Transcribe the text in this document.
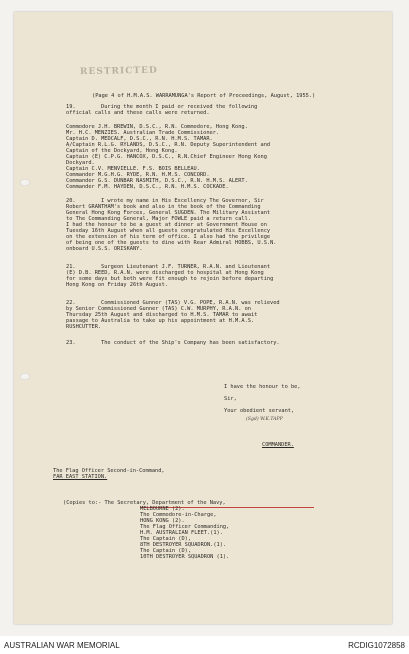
RESTRICTED
(Page 4 of H.M.A.S. WARRAMUNGA's Report of Proceedings, August, 1955.)
19.	During the month I paid or received the following
official calls and these calls were returned.
Commodore J.H. BREWIN, D.S.C., R.N. Commodore, Hong Kong.
Mr. H.C. MENZIES. Australian Trade Commissioner.
Captain D. MEDCALF, D.S.C., R.N. H.M.S. TAMAR.
A/Captain R.L.G. RYLANDS, D.S.C., R.N. Deputy Superintendent and
Captain of the Dockyard, Hong Kong.
Captain (E) C.P.G. HANCOX, D.S.C., R.N.Chief Engineer Hong Kong
Dockyard.
Captain C.V. MENVIELLE. F.S. BOIS BELLEAU.
Commander M.G.H.G. RYDE, R.N. H.M.S. CONCORD.
Commander G.S. DUNBAR NASMITH, D.S.C., R.N. H.M.S. ALERT.
Commander F.M. HAYDEN, D.S.C., R.N. H.M.S. COCKADE.
20.	I wrote my name in His Excellency The Governor, Sir
Robert GRANTHAM's book and also in the book of the Commanding
General Hong Kong Forces, General SUGDEN. The Military Assistant
to The Commanding General, Major FOWLE paid a return call.
I had the honour to be a guest at dinner at Government House on
Tuesday 16th August when all guests congratulated His Excellency
on the extension of his term of office. I also had the privilege
of being one of the guests to dine with Rear Admiral HOBBS, U.S.N.
onboard U.S.S. ORISKANY.
21.	Surgeon Lieutenant J.F. TURNER, R.A.N. and Lieutenant
(E) D.B. REED, R.A.N. were discharged to hospital at Hong Kong
for some days but both were fit enough to rejoin before departing
Hong Kong on Friday 26th August.
22.	Commissioned Gunner (TAS) V.G. POPE, R.A.N. was relieved
by Senior Commissioned Gunner (TAS) C.W. MURPHY, R.A.N. on
Thursday 25th August and discharged to H.M.S. TAMAR to await
passage to Australia to take up his appointment at H.M.A.S.
RUSHCUTTER.
23.	The conduct of the Ship's Company has been satisfactory.
I have the honour to be,
Sir,
Your obedient servant,
(Sgd) W.K.TAPP
COMMANDER.
The Flag Officer Second-in-Command,
FAR EAST STATION.
(Copies to:- The Secretary, Department of the Navy,
MELBOURNE (2).
The Commodore-in-Charge,
HONG KONG (2).
The Flag Officer Commanding,
H.M. AUSTRALIAN FLEET.(1).
The Captain (D),
8TH DESTROYER SQUADRON.(1).
The Captain (D),
10TH DESTROYER SQUADRON (1).
AUSTRALIAN WAR MEMORIAL	RCDIG1072858
